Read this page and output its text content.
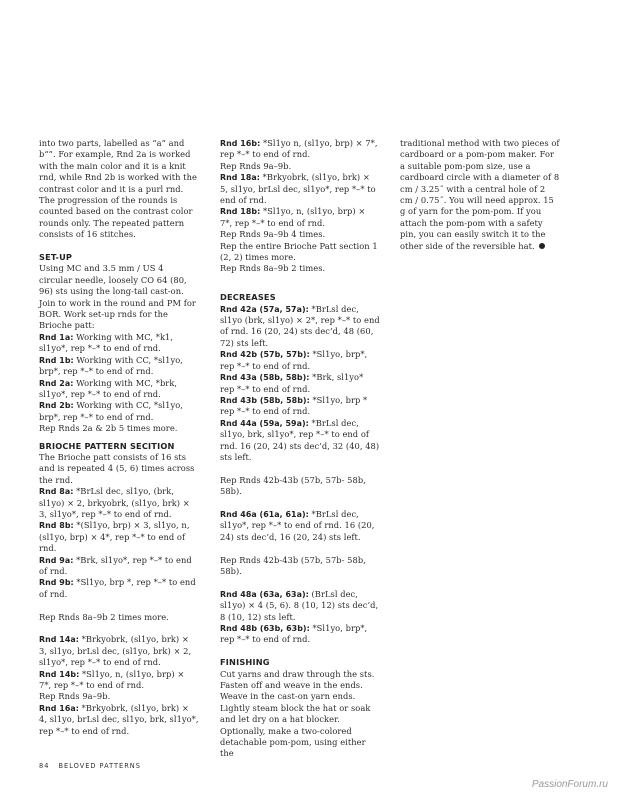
into two parts, labelled as “a” and b“”. For example, Rnd 2a is worked with the main color and it is a knit rnd, while Rnd 2b is worked with the contrast color and it is a purl rnd. The progression of the rounds is counted based on the contrast color rounds only. The repeated pattern consists of 16 stitches.

SET-UP

Using MC and 3.5 mm / US 4 circular needle, loosely CO 64 (80, 96) sts using the long-tail cast-on. Join to work in the round and PM for BOR. Work set-up rnds for the Brioche patt:

Rnd 1a: Working with MC, *k1, sl1yo*, rep *–* to end of rnd.

Rnd 1b: Working with CC, *sl1yo, brp*, rep *–* to end of rnd.

Rnd 2a: Working with MC, *brk, sl1yo*, rep *–* to end of rnd.

Rnd 2b: Working with CC, *sl1yo, brp*, rep *–* to end of rnd.

Rep Rnds 2a & 2b 5 times more.

BRIOCHE PATTERN SECITION

The Brioche patt consists of 16 sts and is repeated 4 (5, 6) times across the rnd.

Rnd 8a: *BrLsl dec, sl1yo, (brk, sl1yo) × 2, brkyobrk, (sl1yo, brk) × 3, sl1yo*, rep *–* to end of rnd.

Rnd 8b: *(Sl1yo, brp) × 3, sl1yo, n, (sl1yo, brp) × 4*, rep *–* to end of rnd.

Rnd 9a: *Brk, sl1yo*, rep *–* to end of rnd.

Rnd 9b: *Sl1yo, brp *, rep *–* to end of rnd.

Rep Rnds 8a–9b 2 times more.

Rnd 14a: *Brkyobrk, (sl1yo, brk) × 3, sl1yo, brLsl dec, (sl1yo, brk) × 2, sl1yo*, rep *–* to end of rnd.

Rnd 14b: *Sl1yo, n, (sl1yo, brp) × 7*, rep *–* to end of rnd.

Rep Rnds 9a–9b.

Rnd 16a: *Brkyobrk, (sl1yo, brk) × 4, sl1yo, brLsl dec, sl1yo, brk, sl1yo*, rep *–* to end of rnd.

Rnd 16b: *Sl1yo n, (sl1yo, brp) × 7*, rep *–* to end of rnd.

Rep Rnds 9a–9b.

Rnd 18a: *Brkyobrk, (sl1yo, brk) × 5, sl1yo, brLsl dec, sl1yo*, rep *–* to end of rnd.

Rnd 18b: *Sl1yo, n, (sl1yo, brp) × 7*, rep *–* to end of rnd.

Rep Rnds 9a–9b 4 times.

Rep the entire Brioche Patt section 1 (2, 2) times more.

Rep Rnds 8a–9b 2 times.

DECREASES

Rnd 42a (57a, 57a): *BrLsl dec, sl1yo (brk, sl1yo) × 2*, rep *–* to end of rnd. 16 (20, 24) sts dec’d, 48 (60, 72) sts left.

Rnd 42b (57b, 57b): *Sl1yo, brp*, rep *–* to end of rnd.

Rnd 43a (58b, 58b): *Brk, sl1yo* rep *–* to end of rnd.

Rnd 43b (58b, 58b): *Sl1yo, brp * rep *–* to end of rnd.

Rnd 44a (59a, 59a): *BrLsl dec, sl1yo, brk, sl1yo*, rep *–* to end of rnd. 16 (20, 24) sts dec’d, 32 (40, 48) sts left.

Rep Rnds 42b-43b (57b, 57b- 58b, 58b).

Rnd 46a (61a, 61a): *BrLsl dec, sl1yo*, rep *–* to end of rnd. 16 (20, 24) sts dec’d, 16 (20, 24) sts left.

Rep Rnds 42b-43b (57b, 57b- 58b, 58b).

Rnd 48a (63a, 63a): (BrLsl dec, sl1yo) × 4 (5, 6). 8 (10, 12) sts dec’d, 8 (10, 12) sts left.

Rnd 48b (63b, 63b): *Sl1yo, brp*, rep *–* to end of rnd.

FINISHING

Cut yarns and draw through the sts. Fasten off and weave in the ends. Weave in the cast-on yarn ends. Lightly steam block the hat or soak and let dry on a hat blocker.

Optionally, make a two-colored detachable pom-pom, using either the

traditional method with two pieces of cardboard or a pom-pom maker. For a suitable pom-pom size, use a cardboard circle with a diameter of 8 cm / 3.25˝ with a central hole of 2 cm / 0.75˝. You will need approx. 15 g of yarn for the pom-pom. If you attach the pom-pom with a safety pin, you can easily switch it to the other side of the reversible hat.

84 BELOVED PATTERNS
PassionForum.ru
